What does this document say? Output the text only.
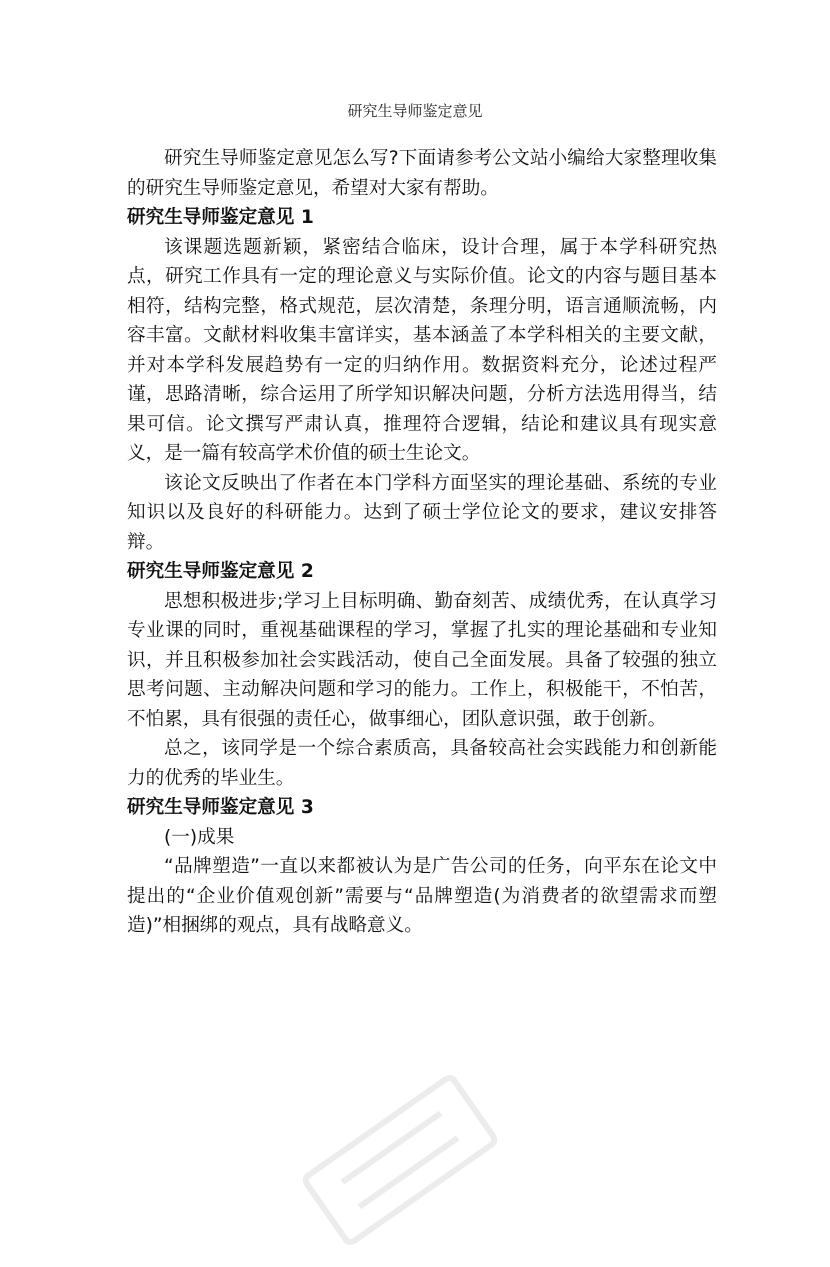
研究生导师鉴定意见

研究生导师鉴定意见怎么写?下面请参考公文站小编给大家整理收集的研究生导师鉴定意见，希望对大家有帮助。

研究生导师鉴定意见 1

该课题选题新颖，紧密结合临床，设计合理，属于本学科研究热点，研究工作具有一定的理论意义与实际价值。论文的内容与题目基本相符，结构完整，格式规范，层次清楚，条理分明，语言通顺流畅，内容丰富。文献材料收集丰富详实，基本涵盖了本学科相关的主要文献，并对本学科发展趋势有一定的归纳作用。数据资料充分，论述过程严谨，思路清晰，综合运用了所学知识解决问题，分析方法选用得当，结果可信。论文撰写严肃认真，推理符合逻辑，结论和建议具有现实意义，是一篇有较高学术价值的硕士生论文。

该论文反映出了作者在本门学科方面坚实的理论基础、系统的专业知识以及良好的科研能力。达到了硕士学位论文的要求，建议安排答辩。

研究生导师鉴定意见 2

思想积极进步;学习上目标明确、勤奋刻苦、成绩优秀，在认真学习专业课的同时，重视基础课程的学习，掌握了扎实的理论基础和专业知识，并且积极参加社会实践活动，使自己全面发展。具备了较强的独立思考问题、主动解决问题和学习的能力。工作上，积极能干，不怕苦，不怕累，具有很强的责任心，做事细心，团队意识强，敢于创新。

总之，该同学是一个综合素质高，具备较高社会实践能力和创新能力的优秀的毕业生。

研究生导师鉴定意见 3

(一)成果

“品牌塑造”一直以来都被认为是广告公司的任务，向平东在论文中提出的“企业价值观创新”需要与“品牌塑造(为消费者的欲望需求而塑造)”相捆绑的观点，具有战略意义。
